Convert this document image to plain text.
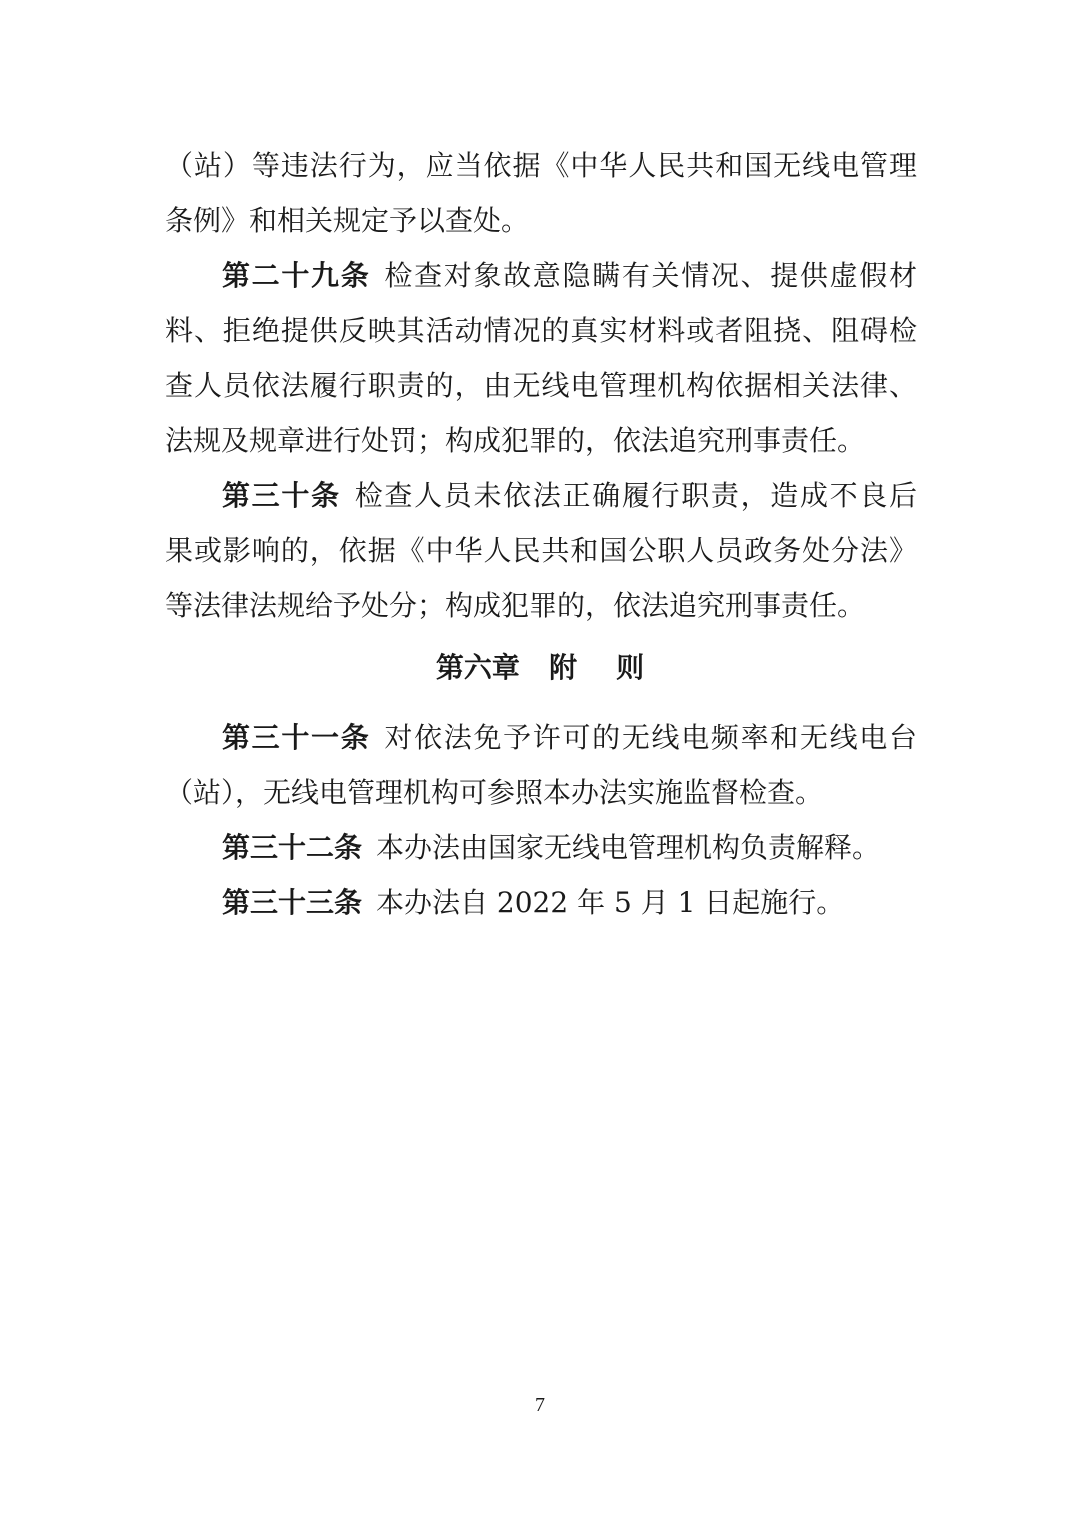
（站）等违法行为，应当依据《中华人民共和国无线电管理
条例》和相关规定予以查处。
第二十九条 检查对象故意隐瞒有关情况、提供虚假材
料、拒绝提供反映其活动情况的真实材料或者阻挠、阻碍检
查人员依法履行职责的，由无线电管理机构依据相关法律、
法规及规章进行处罚；构成犯罪的，依法追究刑事责任。
第三十条 检查人员未依法正确履行职责，造成不良后
果或影响的，依据《中华人民共和国公职人员政务处分法》
等法律法规给予处分；构成犯罪的，依法追究刑事责任。
第六章   附    则
第三十一条 对依法免予许可的无线电频率和无线电台
（站），无线电管理机构可参照本办法实施监督检查。
第三十二条 本办法由国家无线电管理机构负责解释。
第三十三条 本办法自 2022 年 5 月 1 日起施行。
7
